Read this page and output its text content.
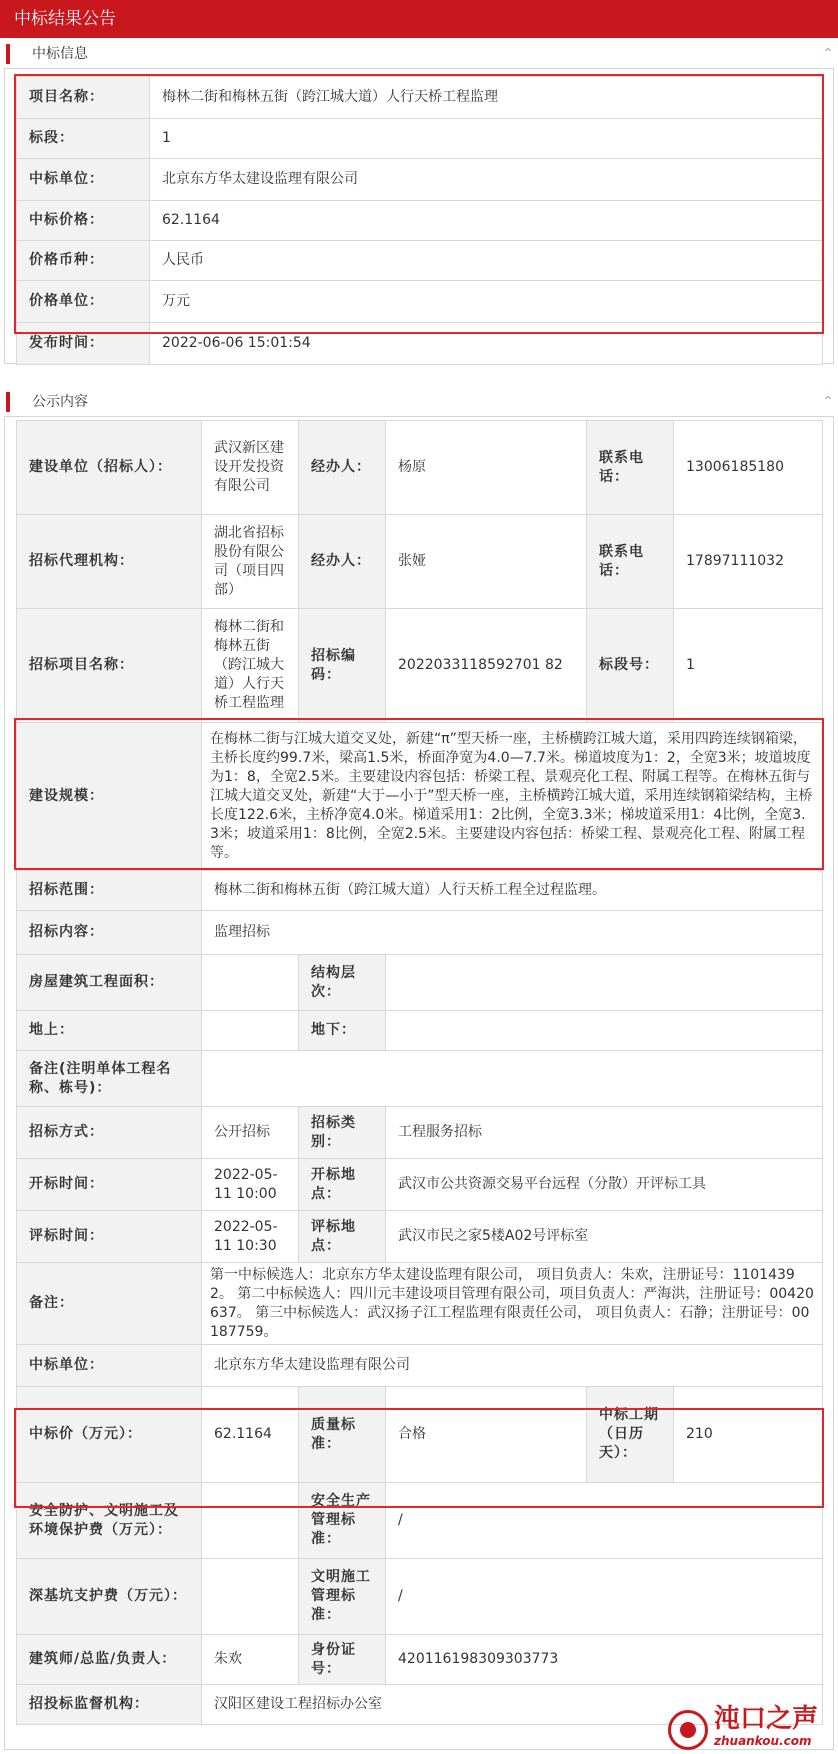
中标结果公告
中标信息	⌃
项目名称：	梅林二街和梅林五街（跨江城大道）人行天桥工程监理
标段：	1
中标单位：	北京东方华太建设监理有限公司
中标价格：	62.1164
价格币种：	人民币
价格单位：	万元
发布时间：	2022-06-06 15:01:54
公示内容	⌃
建设单位（招标人）：	武汉新区建设开发投资有限公司	经办人：	杨原	联系电话：	13006185180
招标代理机构：	湖北省招标股份有限公司（项目四部）	经办人：	张娅	联系电话：	17897111032
招标项目名称：	梅林二街和梅林五街（跨江城大道）人行天桥工程监理	招标编码：	2022033118592701 82	标段号：	1
建设规模：	在梅林二街与江城大道交叉处，新建“π”型天桥一座，主桥横跨江城大道，采用四跨连续钢箱梁，主桥长度约99.7米，梁高1.5米，桥面净宽为4.0—7.7米。梯道坡度为1：2，全宽3米；坡道坡度为1：8，全宽2.5米。主要建设内容包括：桥梁工程、景观亮化工程、附属工程等。在梅林五街与江城大道交叉处，新建“大于—小于”型天桥一座，主桥横跨江城大道，采用连续钢箱梁结构，主桥长度122.6米，主桥净宽4.0米。梯道采用1：2比例，全宽3.3米；梯坡道采用1：4比例，全宽3.3米；坡道采用1：8比例，全宽2.5米。主要建设内容包括：桥梁工程、景观亮化工程、附属工程等。				
招标范围：	梅林二街和梅林五街（跨江城大道）人行天桥工程全过程监理。				
招标内容：	监理招标				
房屋建筑工程面积：		结构层次：			
地上：		地下：			
备注(注明单体工程名称、栋号)：					
招标方式：	公开招标	招标类别：	工程服务招标		
开标时间：	2022-05-11 10:00	开标地点：	武汉市公共资源交易平台远程（分散）开评标工具		
评标时间：	2022-05-11 10:30	评标地点：	武汉市民之家5楼A02号评标室		
备注：	第一中标候选人：北京东方华太建设监理有限公司， 项目负责人：朱欢，注册证号：11014392。 第二中标候选人：四川元丰建设项目管理有限公司，项目负责人：严海洪，注册证号：00420637。 第三中标候选人：武汉扬子江工程监理有限责任公司， 项目负责人：石静；注册证号：00187759。				
中标单位：	北京东方华太建设监理有限公司				
中标价（万元）：	62.1164	质量标准：	合格	中标工期（日历天）：	210
安全防护、文明施工及环境保护费（万元）：		安全生产管理标准：	/		
深基坑支护费（万元）：		文明施工管理标准：	/		
建筑师/总监/负责人：	朱欢	身份证号：	420116198309303773		
招投标监督机构：	汉阳区建设工程招标办公室					沌口之声
zhuankou.com
